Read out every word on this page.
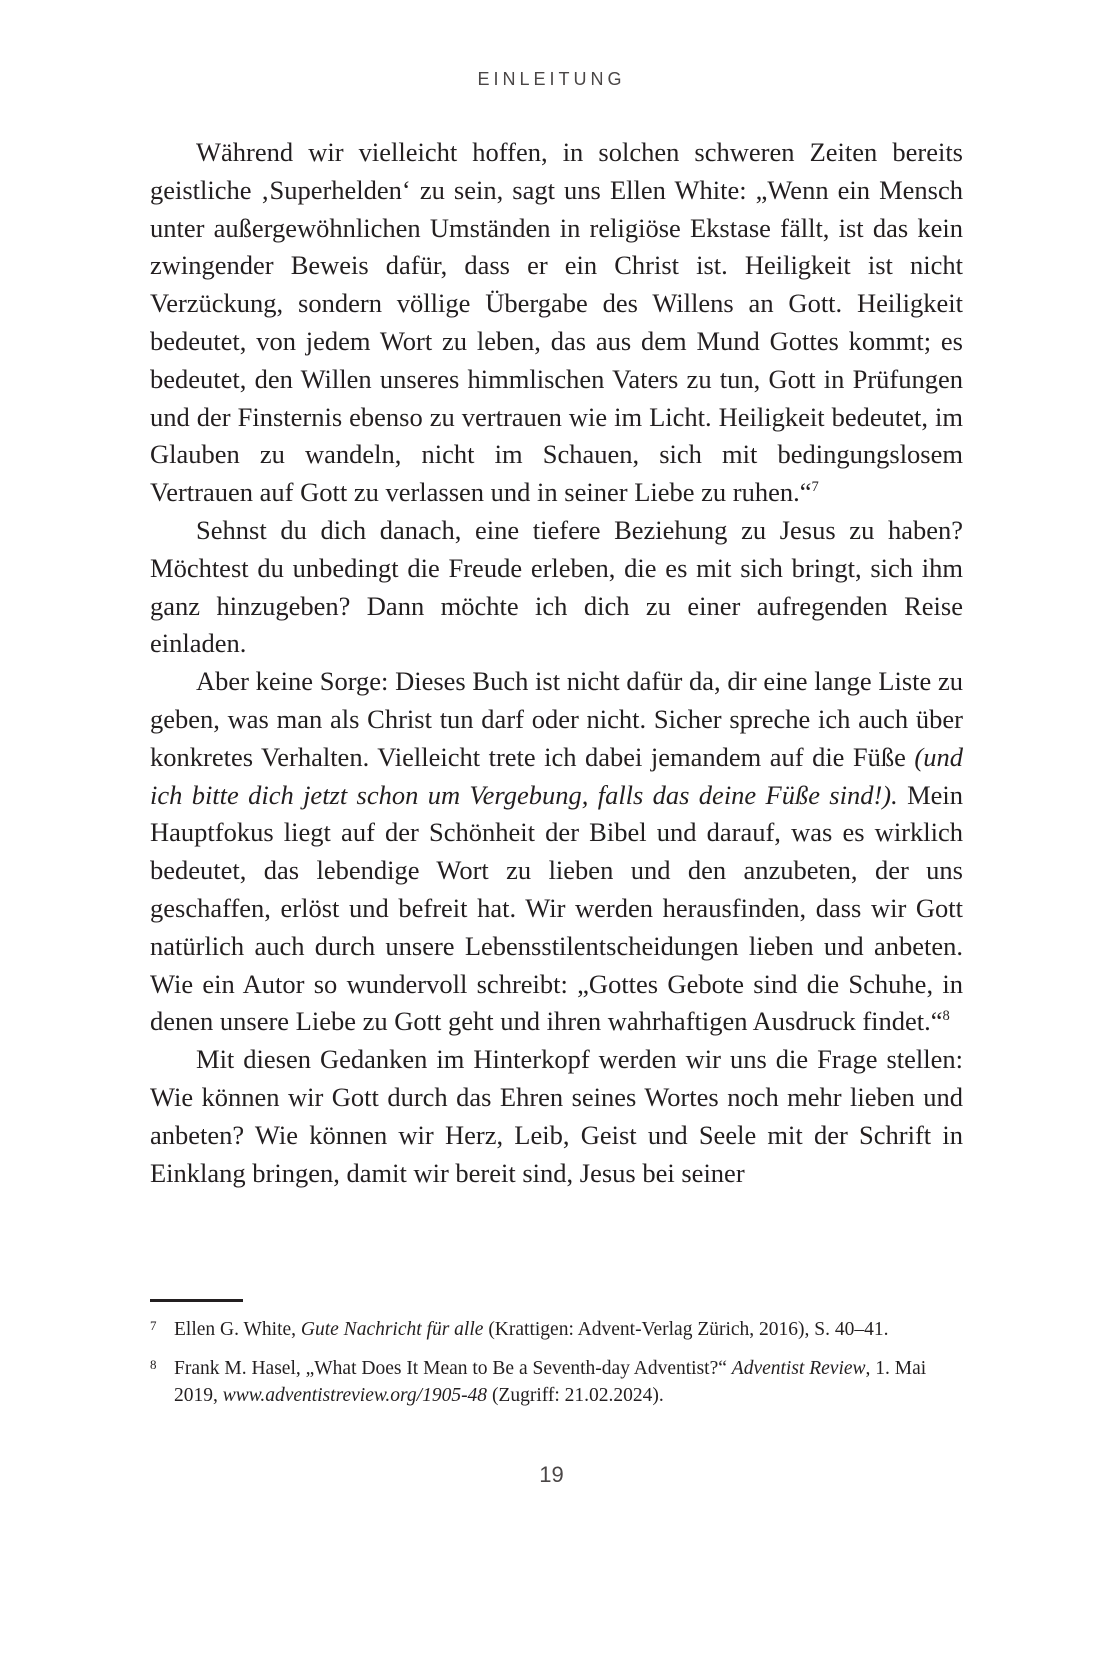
EINLEITUNG

Während wir vielleicht hoffen, in solchen schweren Zeiten bereits geistliche ‚Superhelden‘ zu sein, sagt uns Ellen White: „Wenn ein Mensch unter außergewöhnlichen Umständen in religiöse Ekstase fällt, ist das kein zwingender Beweis dafür, dass er ein Christ ist. Heiligkeit ist nicht Verzückung, sondern völlige Übergabe des Willens an Gott. Heiligkeit bedeutet, von jedem Wort zu leben, das aus dem Mund Gottes kommt; es bedeutet, den Willen unseres himmlischen Vaters zu tun, Gott in Prüfungen und der Finsternis ebenso zu vertrauen wie im Licht. Heiligkeit bedeutet, im Glauben zu wandeln, nicht im Schauen, sich mit bedingungslosem Vertrauen auf Gott zu verlassen und in seiner Liebe zu ruhen.“$^7$

Sehnst du dich danach, eine tiefere Beziehung zu Jesus zu haben? Möchtest du unbedingt die Freude erleben, die es mit sich bringt, sich ihm ganz hinzugeben? Dann möchte ich dich zu einer aufregenden Reise einladen.

Aber keine Sorge: Dieses Buch ist nicht dafür da, dir eine lange Liste zu geben, was man als Christ tun darf oder nicht. Sicher spreche ich auch über konkretes Verhalten. Vielleicht trete ich dabei jemandem auf die Füße (und ich bitte dich jetzt schon um Vergebung, falls das deine Füße sind!). Mein Hauptfokus liegt auf der Schönheit der Bibel und darauf, was es wirklich bedeutet, das lebendige Wort zu lieben und den anzubeten, der uns geschaffen, erlöst und befreit hat. Wir werden herausfinden, dass wir Gott natürlich auch durch unsere Lebensstilentscheidungen lieben und anbeten. Wie ein Autor so wundervoll schreibt: „Gottes Gebote sind die Schuhe, in denen unsere Liebe zu Gott geht und ihren wahrhaftigen Ausdruck findet.“$^8$

Mit diesen Gedanken im Hinterkopf werden wir uns die Frage stellen: Wie können wir Gott durch das Ehren seines Wortes noch mehr lieben und anbeten? Wie können wir Herz, Leib, Geist und Seele mit der Schrift in Einklang bringen, damit wir bereit sind, Jesus bei seiner

7 Ellen G. White, Gute Nachricht für alle (Krattigen: Advent-Verlag Zürich, 2016), S. 40–41.
8 Frank M. Hasel, „What Does It Mean to Be a Seventh-day Adventist?“ Adventist Review, 1. Mai 2019, www.adventistreview.org/1905-48 (Zugriff: 21.02.2024).
19
